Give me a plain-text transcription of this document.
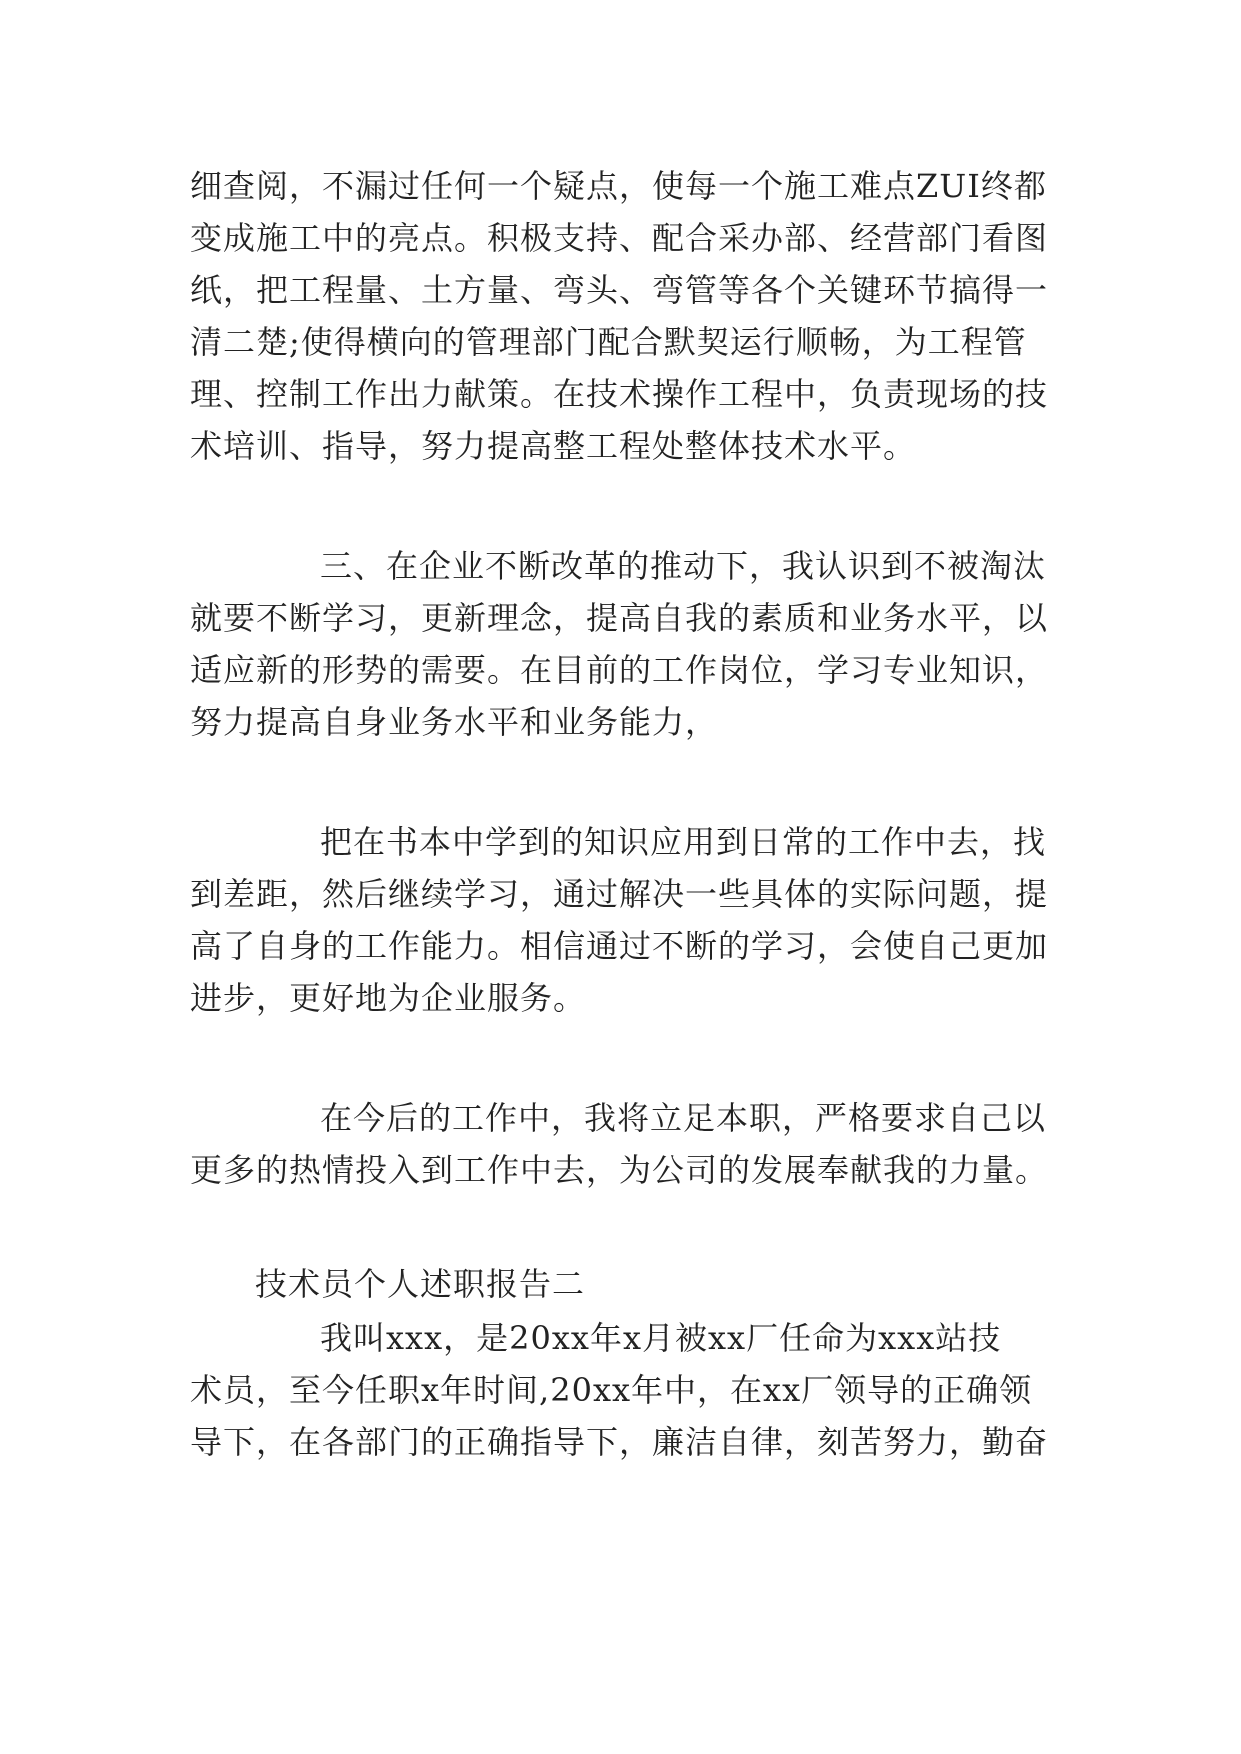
细查阅，不漏过任何一个疑点，使每一个施工难点ZUI终都
变成施工中的亮点。积极支持、配合采办部、经营部门看图
纸，把工程量、土方量、弯头、弯管等各个关键环节搞得一
清二楚;使得横向的管理部门配合默契运行顺畅，为工程管
理、控制工作出力献策。在技术操作工程中，负责现场的技
术培训、指导，努力提高整工程处整体技术水平。
三、在企业不断改革的推动下，我认识到不被淘汰
就要不断学习，更新理念，提高自我的素质和业务水平，以
适应新的形势的需要。在目前的工作岗位，学习专业知识，
努力提高自身业务水平和业务能力，
把在书本中学到的知识应用到日常的工作中去，找
到差距，然后继续学习，通过解决一些具体的实际问题，提
高了自身的工作能力。相信通过不断的学习，会使自己更加
进步，更好地为企业服务。
在今后的工作中，我将立足本职，严格要求自己以
更多的热情投入到工作中去，为公司的发展奉献我的力量。
技术员个人述职报告二
我叫xxx，是20xx年x月被xx厂任命为xxx站技
术员，至今任职x年时间,20xx年中，在xx厂领导的正确领
导下，在各部门的正确指导下，廉洁自律，刻苦努力，勤奋
